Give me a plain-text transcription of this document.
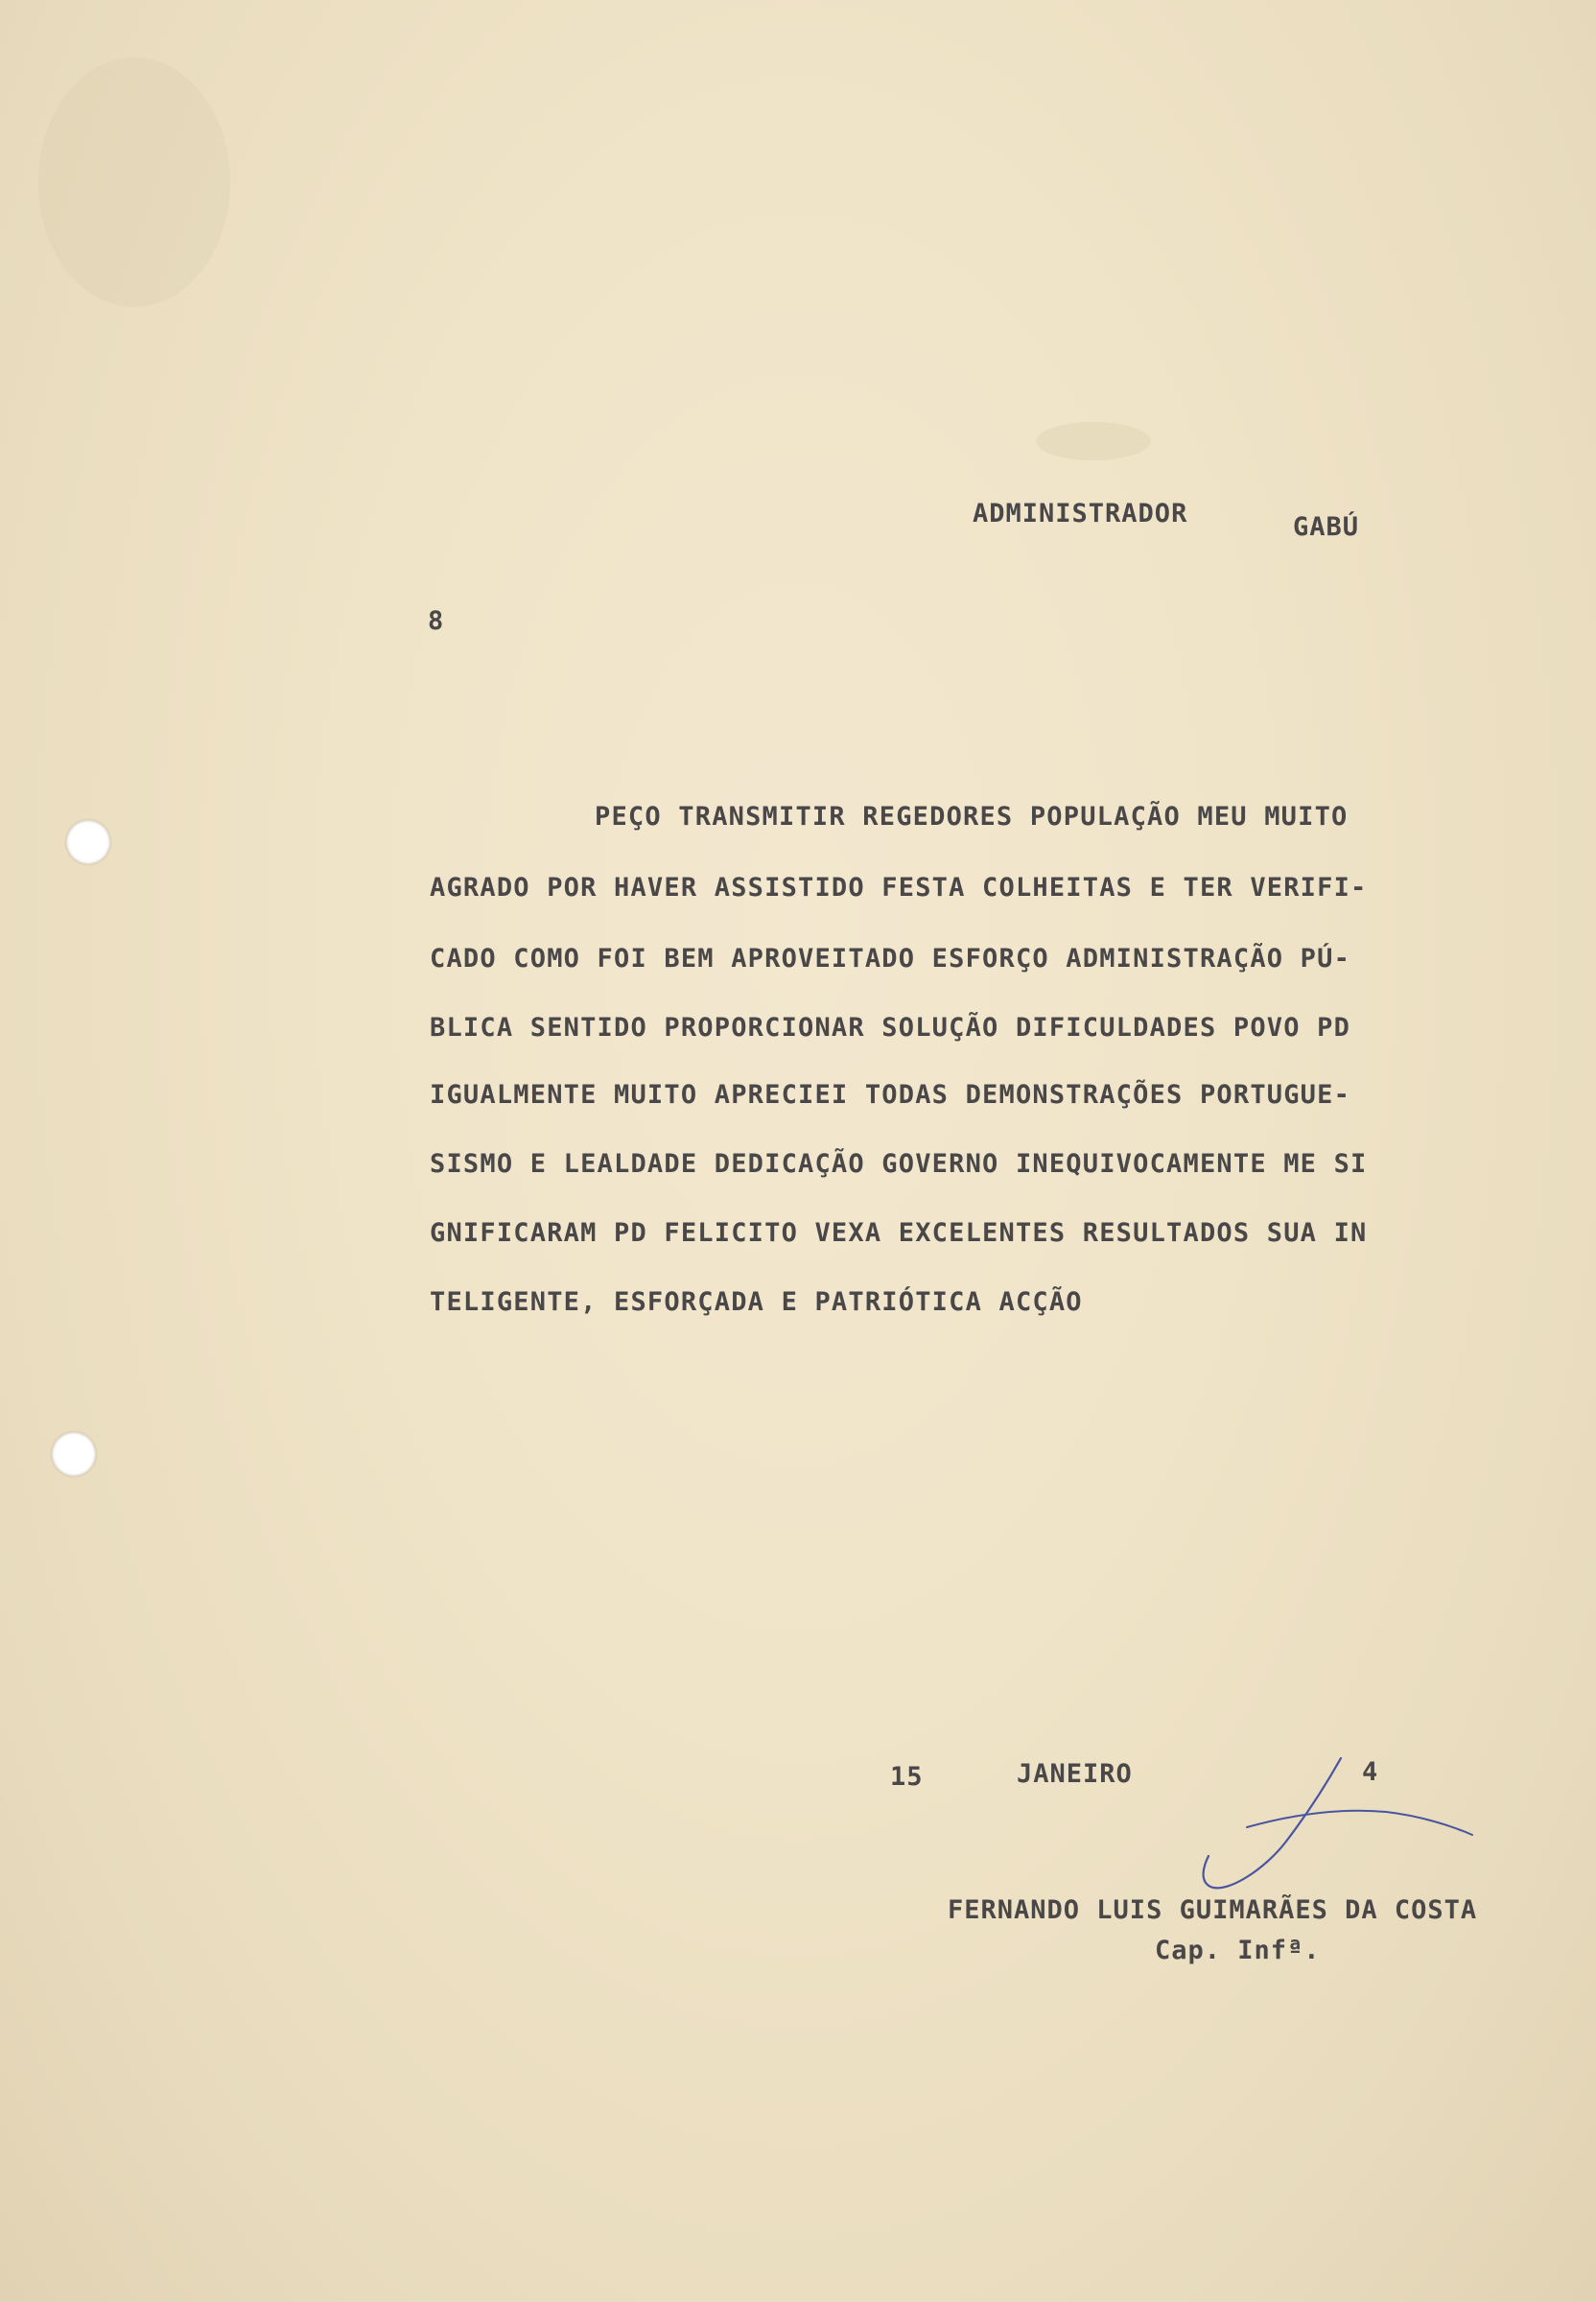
ADMINISTRADOR	GABÚ
8
PEÇO TRANSMITIR REGEDORES POPULAÇÃO MEU MUITO
AGRADO POR HAVER ASSISTIDO FESTA COLHEITAS E TER VERIFI-
CADO COMO FOI BEM APROVEITADO ESFORÇO ADMINISTRAÇÃO PÚ-
BLICA SENTIDO PROPORCIONAR SOLUÇÃO DIFICULDADES POVO PD
IGUALMENTE MUITO APRECIEI TODAS DEMONSTRAÇÕES PORTUGUE-
SISMO E LEALDADE DEDICAÇÃO GOVERNO INEQUIVOCAMENTE ME SI
GNIFICARAM PD FELICITO VEXA EXCELENTES RESULTADOS SUA IN
TELIGENTE, ESFORÇADA E PATRIÓTICA ACÇÃO
15	JANEIRO	4
FERNANDO LUIS GUIMARÃES DA COSTA
Cap. Infª.
